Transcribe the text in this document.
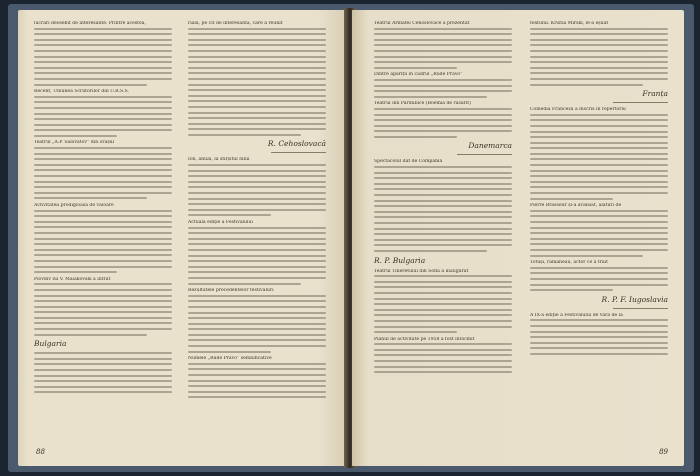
lucrări deosebit de interesante. Printre acestea,
Recent, Uniunea Scriitorilor din U.R.S.S.
Teatrul „A.P. Salovatov” din orașul
Activitatea prodigioasă de valoare
Plovdiv lui V. Maiakovski a intrat
Bulgaria
rială, pe cît de interesantă, care a reunit
R. Cehoslovacă
Ion, anual, la sfîrșitul lunii
Actuala ediție a Festivalului
Rezultatele precedentelor festivaluri
Numele „Rude Pravo” semnificative
88
Teatrul Armatei Cehoslovace a prezentat
Dintre apariții în cadrul „Rude Pravo”
Teatrul din Pardubice (Boemia de răsărit)
Danemarca
Spectacolul dat de Compania
R. P. Bulgaria
Teatrul Tineretului din Sofia a inaugurat
Planul de activitate pe 1958 a fost întocmit
textului. Kristia Mirski, le-a eșuat
Franța
Comedia Franceză a înscris în repertoriu
Pierre Brasseur și-a avansat, alături de
Totuși, rămâneau, actor ce a trăit
R. P. F. Iugoslavia
A IX-a ediție a Festivalului de vară de la
89
